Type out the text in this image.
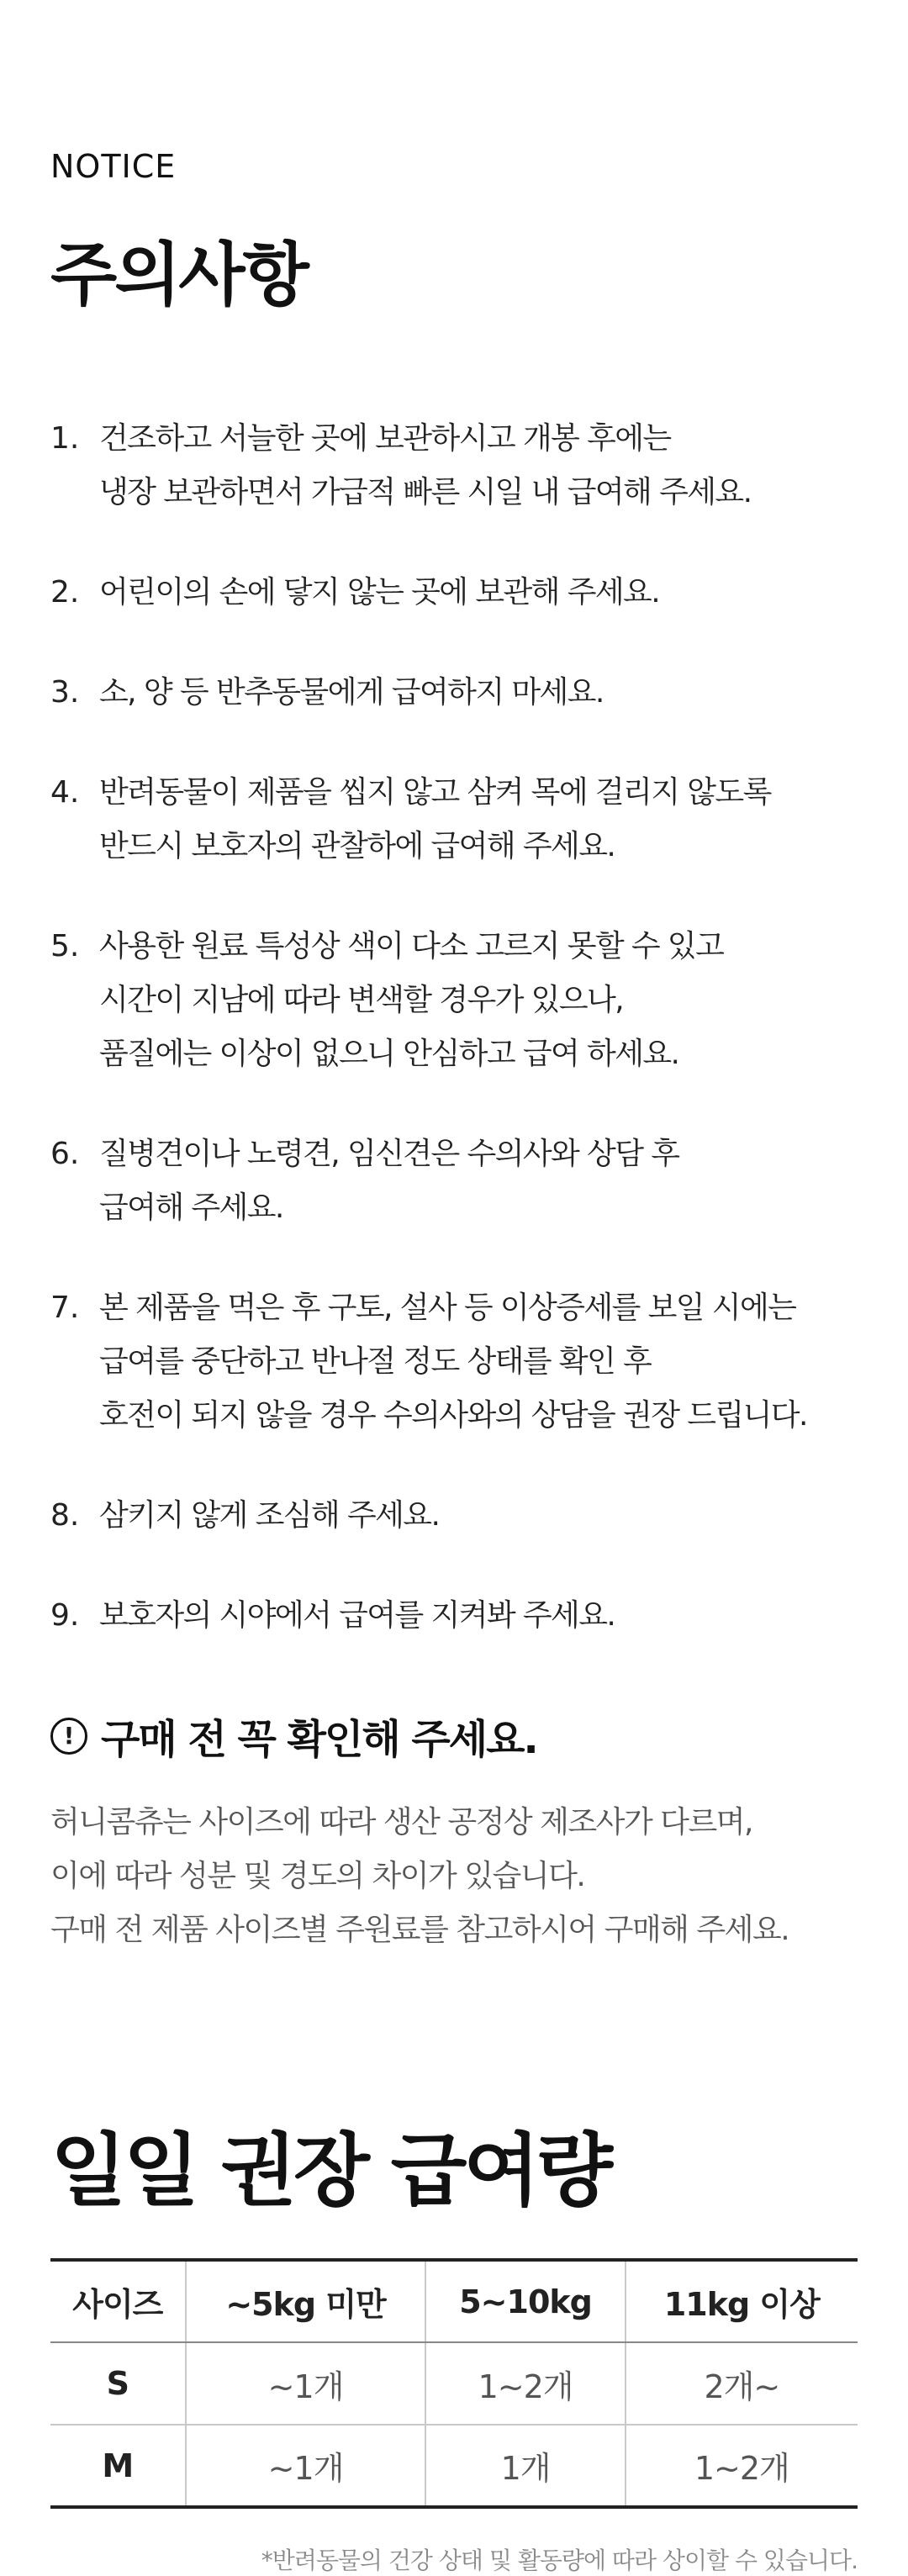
NOTICE
주의사항
1. 건조하고 서늘한 곳에 보관하시고 개봉 후에는
냉장 보관하면서 가급적 빠른 시일 내 급여해 주세요.
2. 어린이의 손에 닿지 않는 곳에 보관해 주세요.
3. 소, 양 등 반추동물에게 급여하지 마세요.
4. 반려동물이 제품을 씹지 않고 삼켜 목에 걸리지 않도록
반드시 보호자의 관찰하에 급여해 주세요.
5. 사용한 원료 특성상 색이 다소 고르지 못할 수 있고
시간이 지남에 따라 변색할 경우가 있으나,
품질에는 이상이 없으니 안심하고 급여 하세요.
6. 질병견이나 노령견, 임신견은 수의사와 상담 후
급여해 주세요.
7. 본 제품을 먹은 후 구토, 설사 등 이상증세를 보일 시에는
급여를 중단하고 반나절 정도 상태를 확인 후
호전이 되지 않을 경우 수의사와의 상담을 권장 드립니다.
8. 삼키지 않게 조심해 주세요.
9. 보호자의 시야에서 급여를 지켜봐 주세요.
! 구매 전 꼭 확인해 주세요.
허니콤츄는 사이즈에 따라 생산 공정상 제조사가 다르며,
이에 따라 성분 및 경도의 차이가 있습니다.
구매 전 제품 사이즈별 주원료를 참고하시어 구매해 주세요.
일일 권장 급여량
사이즈	~5kg 미만	5~10kg	11kg 이상
S	~1개	1~2개	2개~
M	~1개	1개	1~2개
*반려동물의 건강 상태 및 활동량에 따라 상이할 수 있습니다.
